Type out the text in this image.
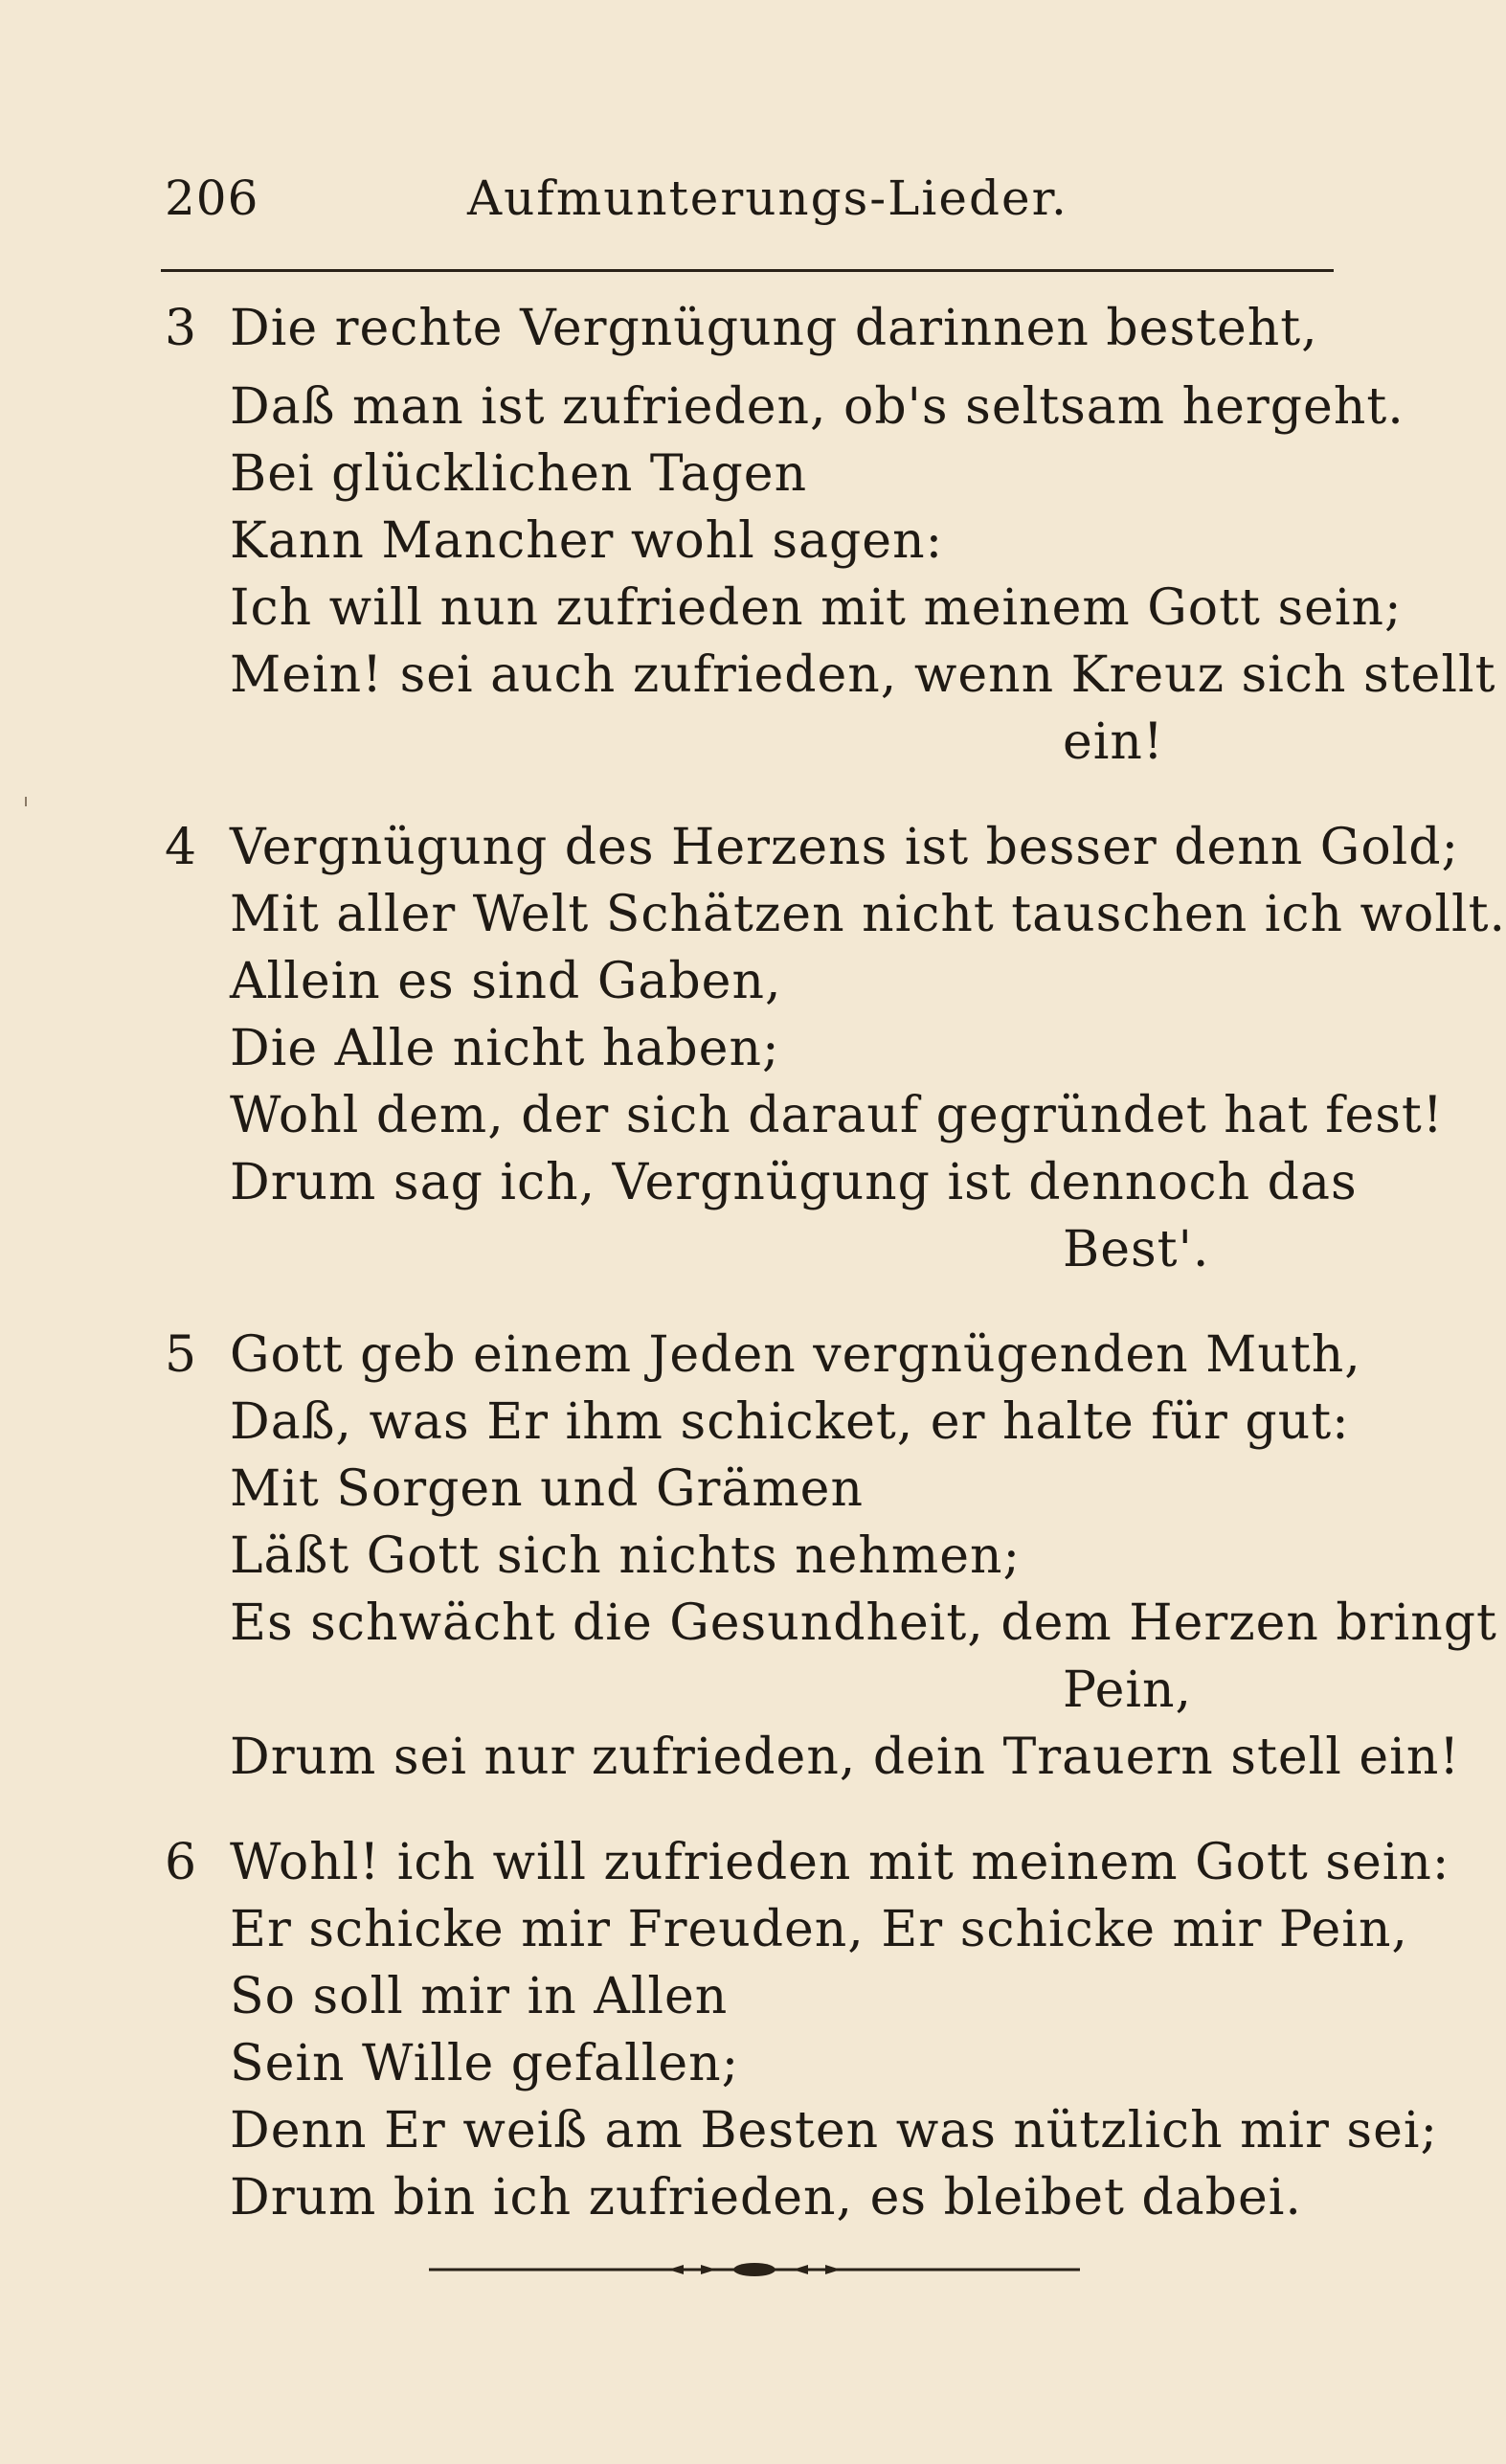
206	Aufmunterungs-Lieder.
3 Die rechte Vergnügung darinnen besteht,
Daß man ist zufrieden, ob's seltsam hergeht.
Bei glücklichen Tagen
Kann Mancher wohl sagen:
Ich will nun zufrieden mit meinem Gott sein;
Mein! sei auch zufrieden, wenn Kreuz sich stellt
ein!
4 Vergnügung des Herzens ist besser denn Gold;
Mit aller Welt Schätzen nicht tauschen ich wollt.
Allein es sind Gaben,
Die Alle nicht haben;
Wohl dem, der sich darauf gegründet hat fest!
Drum sag ich, Vergnügung ist dennoch das
Best'.
5 Gott geb einem Jeden vergnügenden Muth,
Daß, was Er ihm schicket, er halte für gut:
Mit Sorgen und Grämen
Läßt Gott sich nichts nehmen;
Es schwächt die Gesundheit, dem Herzen bringt
Pein,
Drum sei nur zufrieden, dein Trauern stell ein!
6 Wohl! ich will zufrieden mit meinem Gott sein:
Er schicke mir Freuden, Er schicke mir Pein,
So soll mir in Allen
Sein Wille gefallen;
Denn Er weiß am Besten was nützlich mir sei;
Drum bin ich zufrieden, es bleibet dabei.
